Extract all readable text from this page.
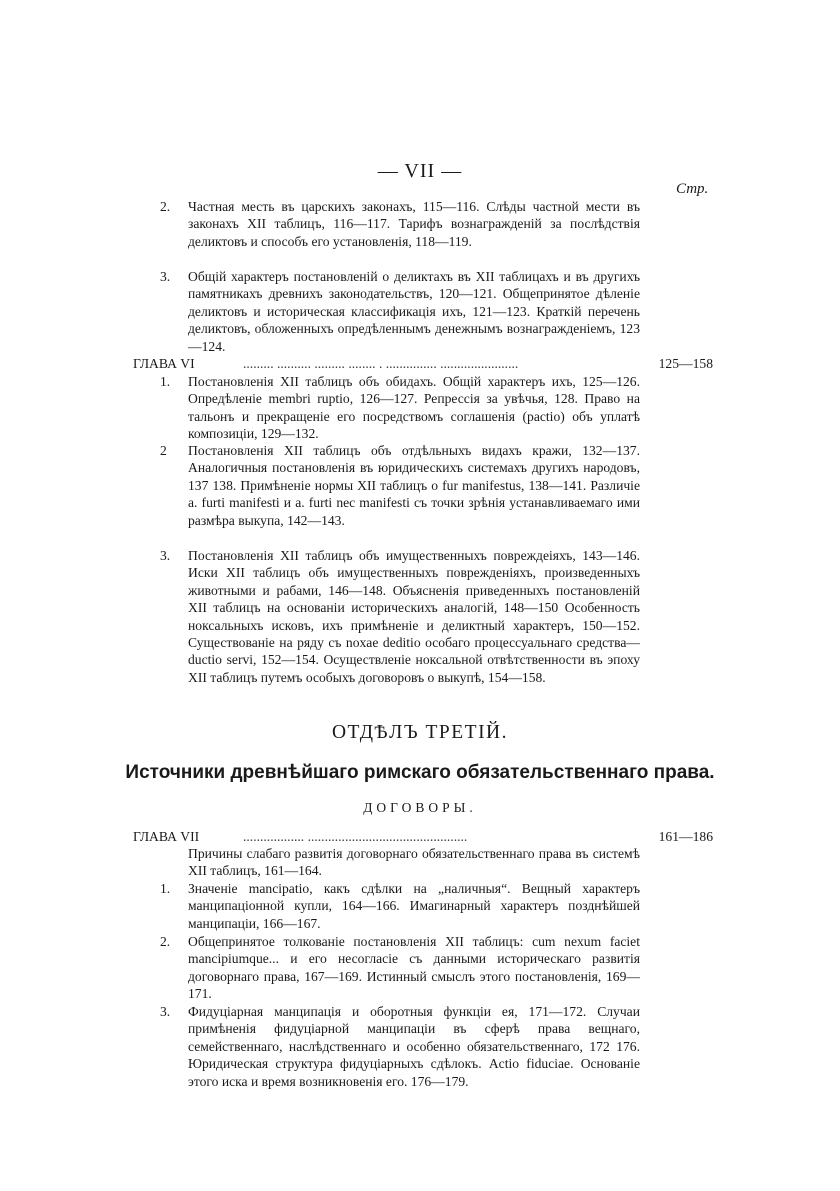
— VII —
Стр.
2.	Частная месть въ царскихъ законахъ, 115—116. Слѣды частной мести въ законахъ XII таблицъ, 116—117. Тарифъ вознагражденій за послѣдствія деликтовъ и способъ его установленія, 118—119.
3.	Общій характеръ постановленій о деликтахъ въ XII таблицахъ и въ другихъ памятникахъ древнихъ законодательствъ, 120—121. Общепринятое дѣленіе деликтовъ и историческая классификація ихъ, 121—123. Краткій перечень деликтовъ, обложенныхъ опредѣленнымъ денежнымъ вознагражденіемъ, 123—124.
......... .......... ......... ........ . ............... .......................
ГЛАВА VI	125—158
1.	Постановленія XII таблицъ объ обидахъ. Общій характеръ ихъ, 125—126. Опредѣленіе membri ruptio, 126—127. Репрессія за увѣчья, 128. Право на тальонъ и прекращеніе его посредствомъ соглашенія (pactio) объ уплатѣ композиціи, 129—132.
2	Постановленія XII таблицъ объ отдѣльныхъ видахъ кражи, 132—137. Аналогичныя постановленія въ юридическихъ системахъ другихъ народовъ, 137 138. Примѣненіе нормы XII таблицъ о fur manifestus, 138—141. Различіе a. furti manifesti и a. furti nec manifesti съ точки зрѣнія устанавливаемаго ими размѣра выкупа, 142—143.
3.	Постановленія XII таблицъ объ имущественныхъ повреждеіяхъ, 143—146. Иски XII таблицъ объ имущественныхъ поврежденіяхъ, произведенныхъ животными и рабами, 146—148. Объясненія приведенныхъ постановленій XII таблицъ на основаніи историческихъ аналогій, 148—150 Особенность ноксальныхъ исковъ, ихъ примѣненіе и деликтный характеръ, 150—152. Существованіе на ряду съ noxae deditio особаго процессуальнаго средства—ductio servi, 152—154. Осуществленіе ноксальной отвѣтственности въ эпоху XII таблицъ путемъ особыхъ договоровъ о выкупѣ, 154—158.
ОТДѢЛЪ ТРЕТІЙ.
Источники древнѣйшаго римскаго обязательственнаго права.
ДОГОВОРЫ.
.................. ...............................................
ГЛАВА VII	161—186
Причины слабаго развитія договорнаго обязательственнаго права въ системѣ XII таблицъ, 161—164.
1.	Значеніе mancipatio, какъ сдѣлки на „наличныя“. Вещный характеръ манципаціонной купли, 164—166. Имагинарный характеръ позднѣйшей манципаціи, 166—167.
2.	Общепринятое толкованіе постановленія XII таблицъ: cum nexum faciet mancipiumque... и его несогласіе съ данными историческаго развитія договорнаго права, 167—169. Истинный смыслъ этого постановленія, 169—171.
3.	Фидуціарная манципація и оборотныя функціи ея, 171—172. Случаи примѣненія фидуціарной манципаціи въ сферѣ права вещнаго, семейственнаго, наслѣдственнаго и особенно обязательственнаго, 172 176. Юридическая структура фидуціарныхъ сдѣлокъ. Actio fiduciae. Основаніе этого иска и время возникновенія его. 176—179.
